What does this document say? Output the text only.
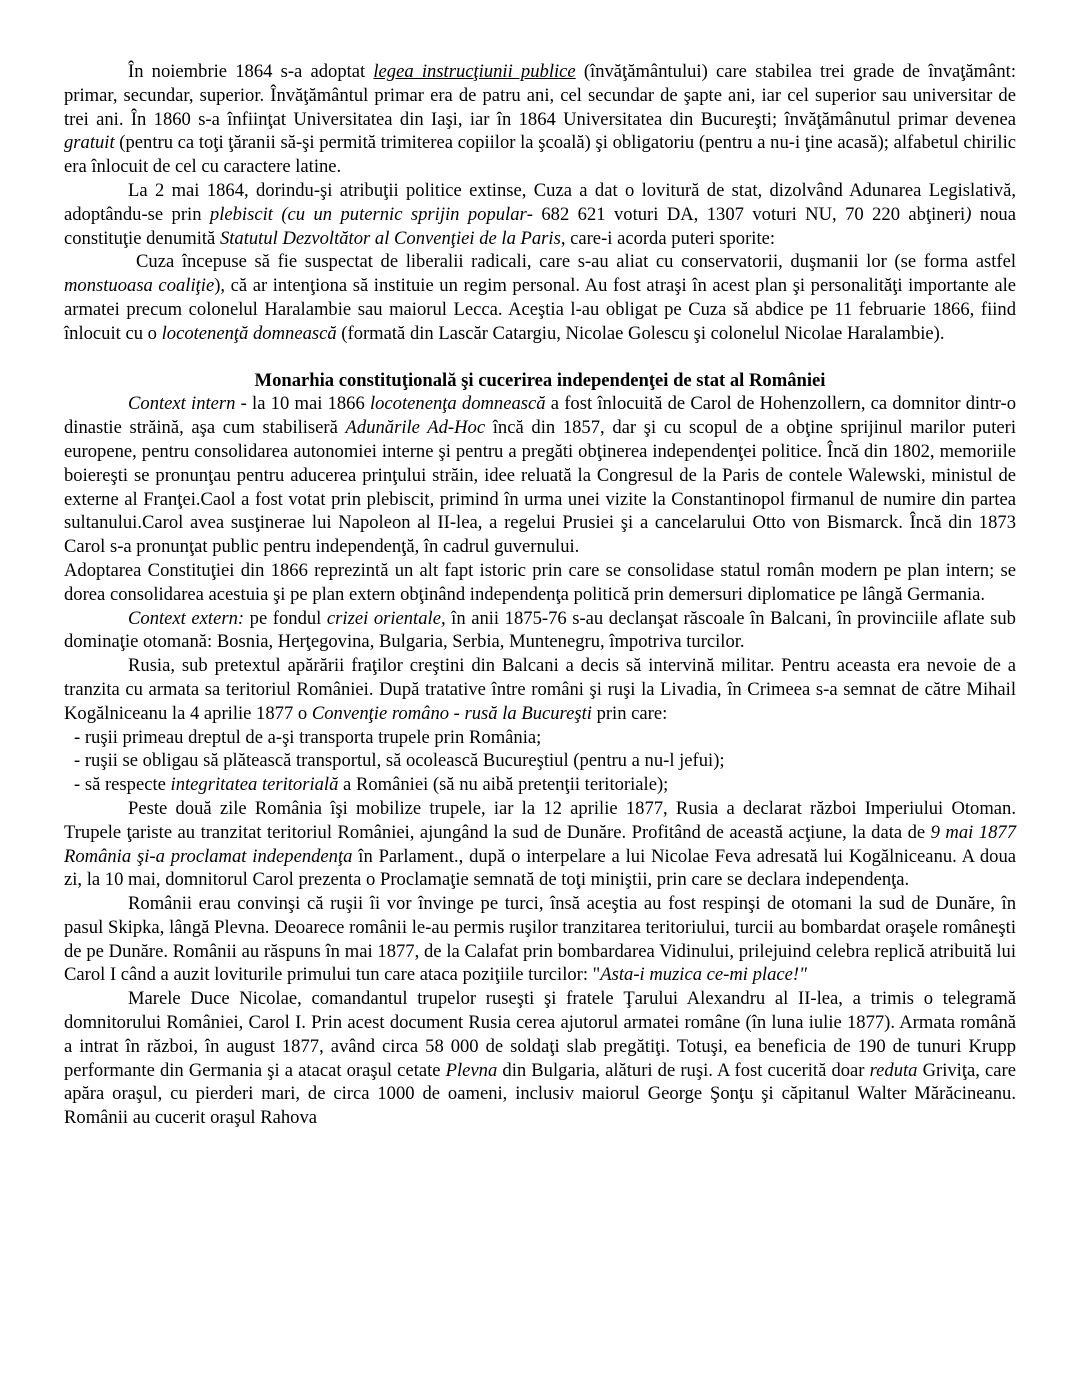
În noiembrie 1864 s-a adoptat legea instrucţiunii publice (învăţământului) care stabilea trei grade de învaţământ: primar, secundar, superior. Învăţământul primar era de patru ani, cel secundar de şapte ani, iar cel superior sau universitar de trei ani. În 1860 s-a înfiinţat Universitatea din Iaşi, iar în 1864 Universitatea din Bucureşti; învăţămânutul primar devenea gratuit (pentru ca toţi ţăranii să-şi permită trimiterea copiilor la şcoală) şi obligatoriu (pentru a nu-i ţine acasă); alfabetul chirilic era înlocuit de cel cu caractere latine.

La 2 mai 1864, dorindu-şi atribuţii politice extinse, Cuza a dat o lovitură de stat, dizolvând Adunarea Legislativă, adoptându-se prin plebiscit (cu un puternic sprijin popular- 682 621 voturi DA, 1307 voturi NU, 70 220 abţineri) noua constituţie denumită Statutul Dezvoltător al Convenţiei de la Paris, care-i acorda puteri sporite:

Cuza începuse să fie suspectat de liberalii radicali, care s-au aliat cu conservatorii, duşmanii lor (se forma astfel monstuoasa coaliţie), că ar intenţiona să instituie un regim personal. Au fost atraşi în acest plan şi personalităţi importante ale armatei precum colonelul Haralambie sau maiorul Lecca. Aceştia l-au obligat pe Cuza să abdice pe 11 februarie 1866, fiind înlocuit cu o locotenenţă domnească (formată din Lascăr Catargiu, Nicolae Golescu şi colonelul Nicolae Haralambie).

Monarhia constituţională şi cucerirea independenţei de stat al României

Context intern - la 10 mai 1866 locotenenţa domnească a fost înlocuită de Carol de Hohenzollern, ca domnitor dintr-o dinastie străină, aşa cum stabiliseră Adunările Ad-Hoc încă din 1857, dar şi cu scopul de a obţine sprijinul marilor puteri europene, pentru consolidarea autonomiei interne şi pentru a pregăti obţinerea independenţei politice. Încă din 1802, memoriile boiereşti se pronunţau pentru aducerea prinţului străin, idee reluată la Congresul de la Paris de contele Walewski, ministul de externe al Franţei.Caol a fost votat prin plebiscit, primind în urma unei vizite la Constantinopol firmanul de numire din partea sultanului.Carol avea susţinerae lui Napoleon al II-lea, a regelui Prusiei şi a cancelarului Otto von Bismarck. Încă din 1873 Carol s-a pronunţat public pentru independenţă, în cadrul guvernului.

Adoptarea Constituţiei din 1866 reprezintă un alt fapt istoric prin care se consolidase statul român modern pe plan intern; se dorea consolidarea acestuia şi pe plan extern obţinând independenţa politică prin demersuri diplomatice pe lângă Germania.

Context extern: pe fondul crizei orientale, în anii 1875-76 s-au declanşat răscoale în Balcani, în provinciile aflate sub dominaţie otomană: Bosnia, Herţegovina, Bulgaria, Serbia, Muntenegru, împotriva turcilor.

Rusia, sub pretextul apărării fraţilor creştini din Balcani a decis să intervină militar. Pentru aceasta era nevoie de a tranzita cu armata sa teritoriul României. După tratative între români şi ruşi la Livadia, în Crimeea s-a semnat de către Mihail Kogălniceanu la 4 aprilie 1877 o Convenţie româno - rusă la Bucureşti prin care:

- ruşii primeau dreptul de a-şi transporta trupele prin România;

- ruşii se obligau să plătească transportul, să ocolească Bucureştiul (pentru a nu-l jefui);

- să respecte integritatea teritorială a României (să nu aibă pretenţii teritoriale);

Peste două zile România îşi mobilize trupele, iar la 12 aprilie 1877, Rusia a declarat război Imperiului Otoman. Trupele ţariste au tranzitat teritoriul României, ajungând la sud de Dunăre. Profitând de această acţiune, la data de 9 mai 1877 România şi-a proclamat independenţa în Parlament., după o interpelare a lui Nicolae Feva adresată lui Kogălniceanu. A doua zi, la 10 mai, domnitorul Carol prezenta o Proclamaţie semnată de toţi miniştii, prin care se declara independenţa.

Românii erau convinşi că ruşii îi vor învinge pe turci, însă aceştia au fost respinşi de otomani la sud de Dunăre, în pasul Skipka, lângă Plevna. Deoarece românii le-au permis ruşilor tranzitarea teritoriului, turcii au bombardat oraşele româneşti de pe Dunăre. Românii au răspuns în mai 1877, de la Calafat prin bombardarea Vidinului, prilejuind celebra replică atribuită lui Carol I când a auzit loviturile primului tun care ataca poziţiile turcilor: "Asta-i muzica ce-mi place!"

Marele Duce Nicolae, comandantul trupelor ruseşti şi fratele Ţarului Alexandru al II-lea, a trimis o telegramă domnitorului României, Carol I. Prin acest document Rusia cerea ajutorul armatei române (în luna iulie 1877). Armata română a intrat în război, în august 1877, având circa 58 000 de soldaţi slab pregătiţi. Totuşi, ea beneficia de 190 de tunuri Krupp performante din Germania şi a atacat oraşul cetate Plevna din Bulgaria, alături de ruşi. A fost cucerită doar reduta Griviţa, care apăra oraşul, cu pierderi mari, de circa 1000 de oameni, inclusiv maiorul George Şonţu şi căpitanul Walter Mărăcineanu. Românii au cucerit oraşul Rahova
